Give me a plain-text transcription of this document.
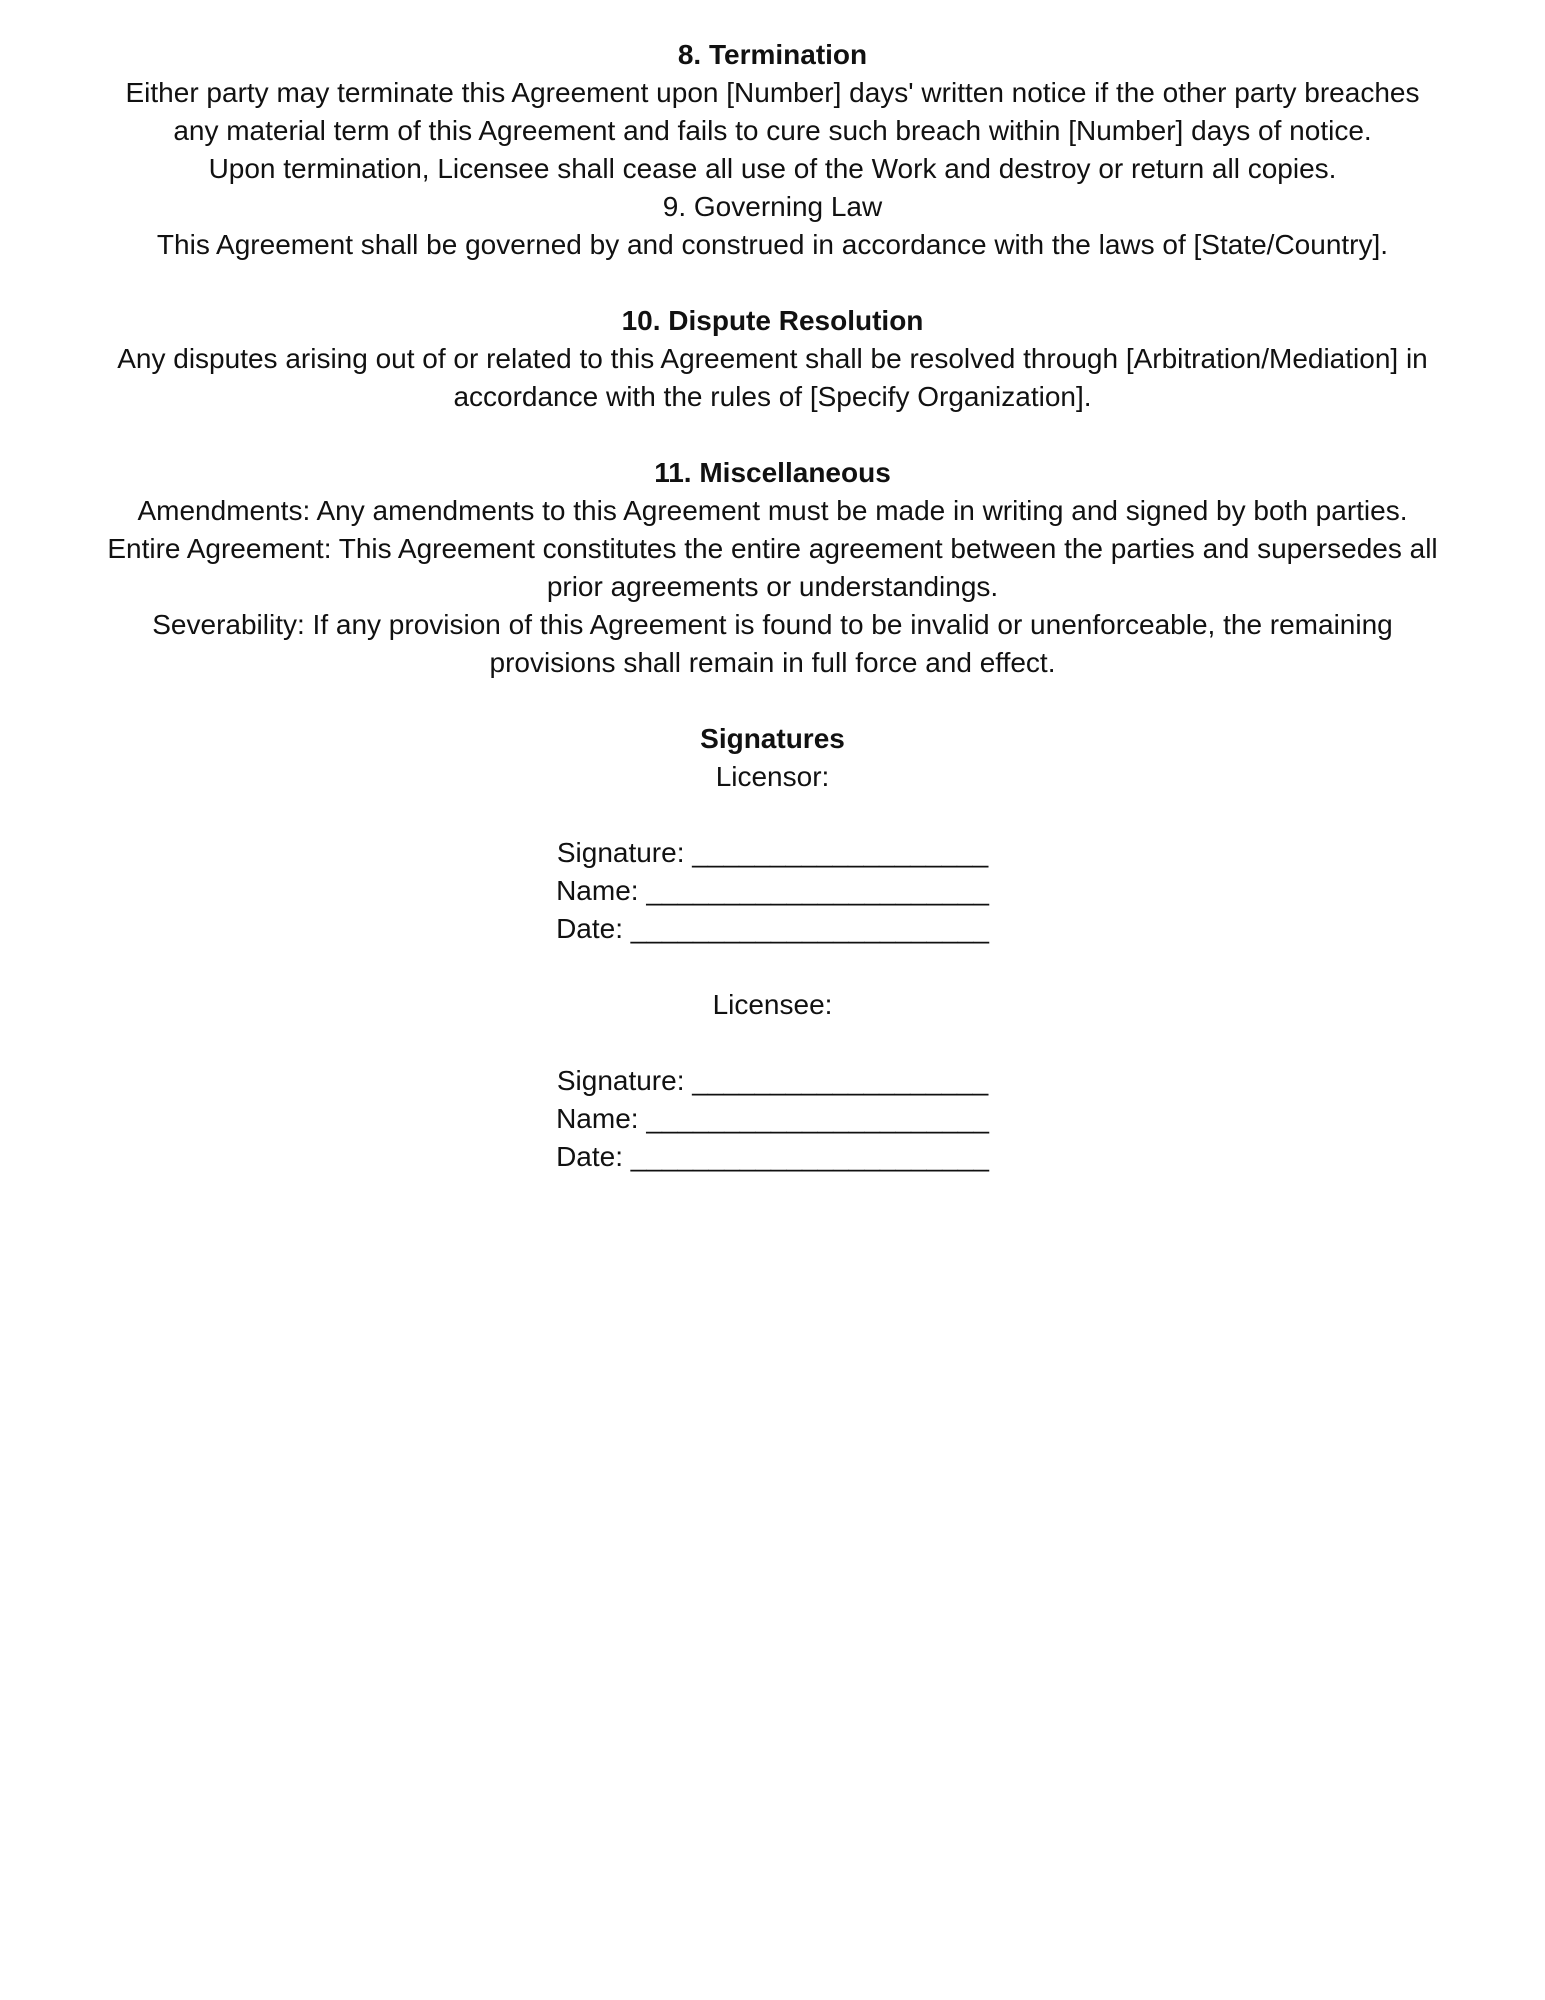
8. Termination
Either party may terminate this Agreement upon [Number] days' written notice if the other party breaches
any material term of this Agreement and fails to cure such breach within [Number] days of notice.
Upon termination, Licensee shall cease all use of the Work and destroy or return all copies.
9. Governing Law
This Agreement shall be governed by and construed in accordance with the laws of [State/Country].
10. Dispute Resolution
Any disputes arising out of or related to this Agreement shall be resolved through [Arbitration/Mediation] in
accordance with the rules of [Specify Organization].
11. Miscellaneous
Amendments: Any amendments to this Agreement must be made in writing and signed by both parties.
Entire Agreement: This Agreement constitutes the entire agreement between the parties and supersedes all
prior agreements or understandings.
Severability: If any provision of this Agreement is found to be invalid or unenforceable, the remaining
provisions shall remain in full force and effect.
Signatures
Licensor:
Signature: ___________________
Name: ______________________
Date: _______________________
Licensee:
Signature: ___________________
Name: ______________________
Date: _______________________
